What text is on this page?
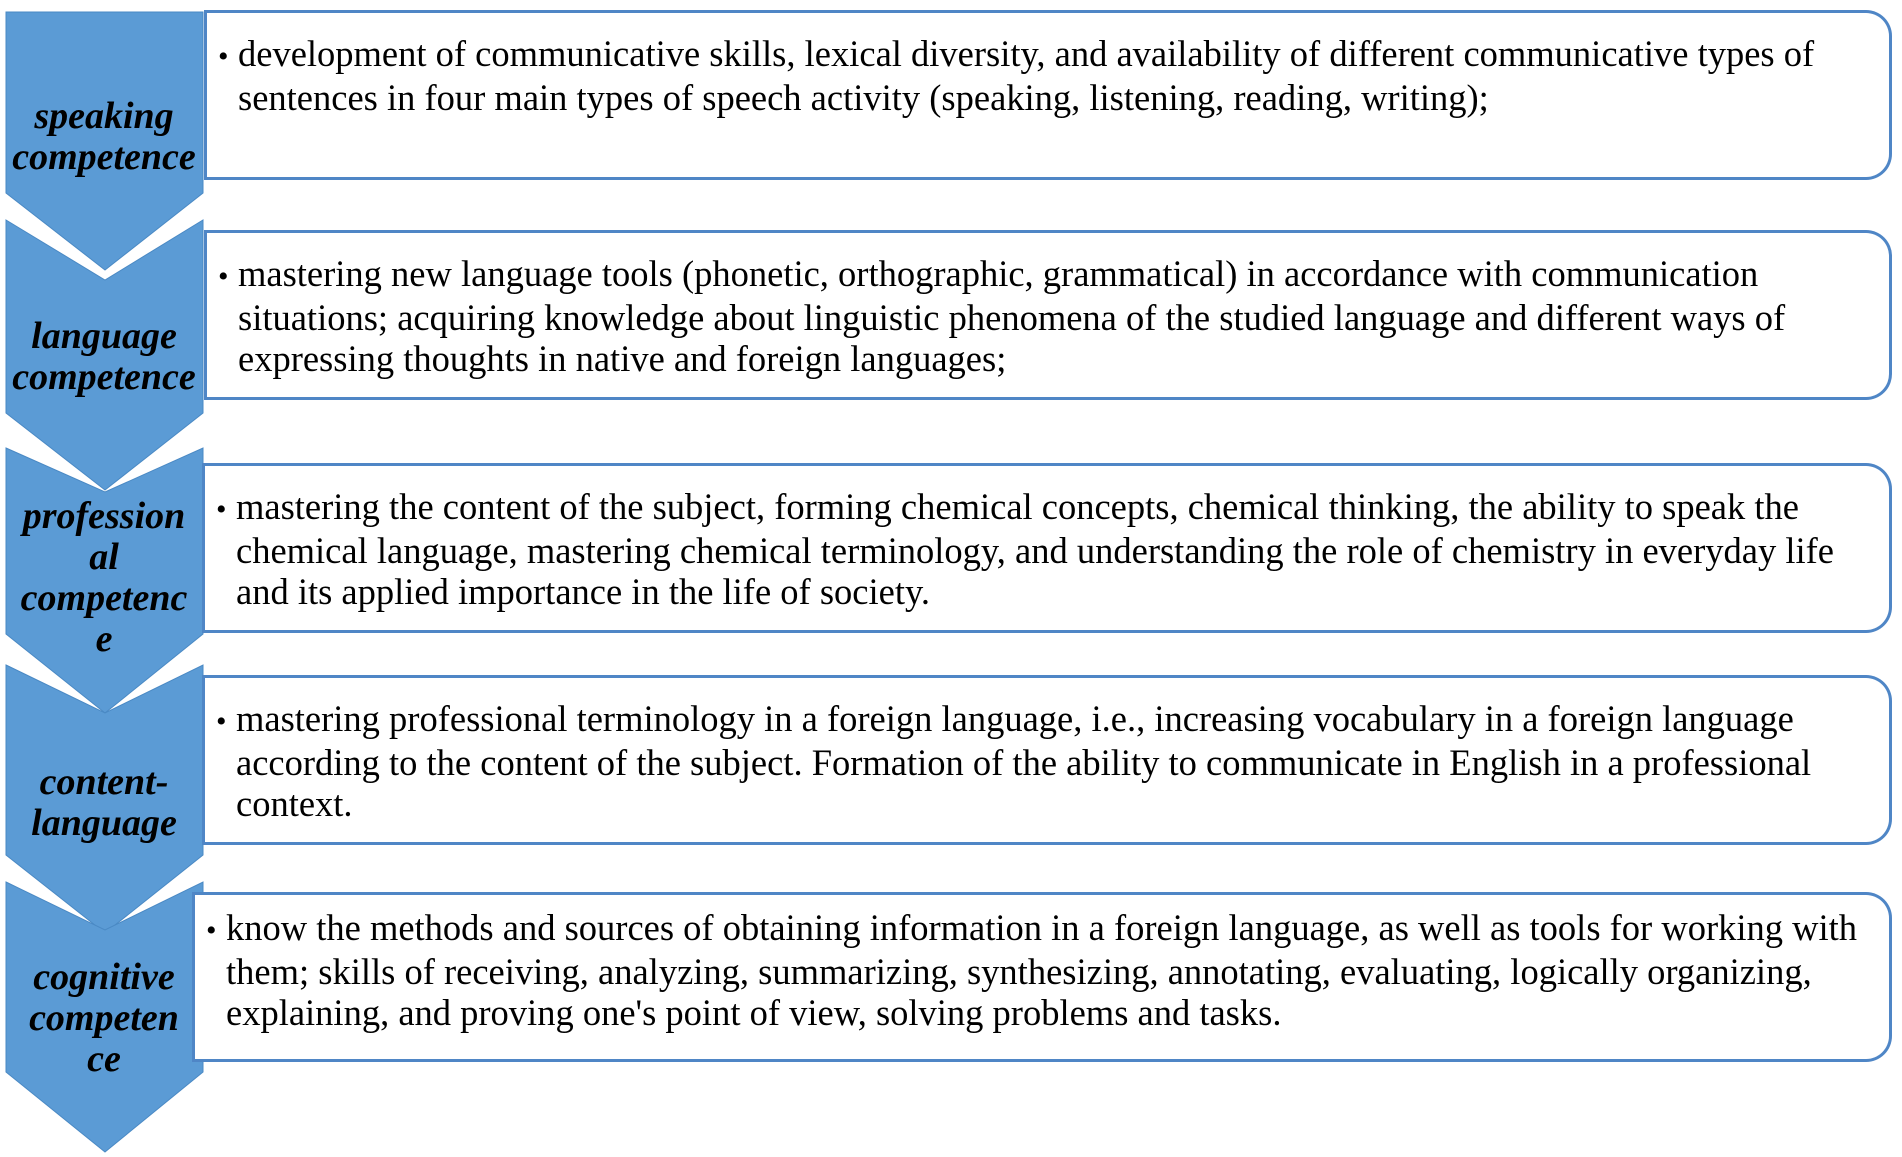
speaking
competence
• development of communicative skills, lexical diversity, and availability of different communicative types of sentences in four main types of speech activity (speaking, listening, reading, writing);
language
competence
• mastering new language tools (phonetic, orthographic, grammatical) in accordance with communication situations; acquiring knowledge about linguistic phenomena of the studied language and different ways of expressing thoughts in native and foreign languages;
profession
al
competenc
e
• mastering the content of the subject, forming chemical concepts, chemical thinking, the ability to speak the chemical language, mastering chemical terminology, and understanding the role of chemistry in everyday life and its applied importance in the life of society.
content-
language
• mastering professional terminology in a foreign language, i.e., increasing vocabulary in a foreign language according to the content of the subject. Formation of the ability to communicate in English in a professional context.
cognitive
competen
ce
• know the methods and sources of obtaining information in a foreign language, as well as tools for working with them; skills of receiving, analyzing, summarizing, synthesizing, annotating, evaluating, logically organizing, explaining, and proving one's point of view, solving problems and tasks.
